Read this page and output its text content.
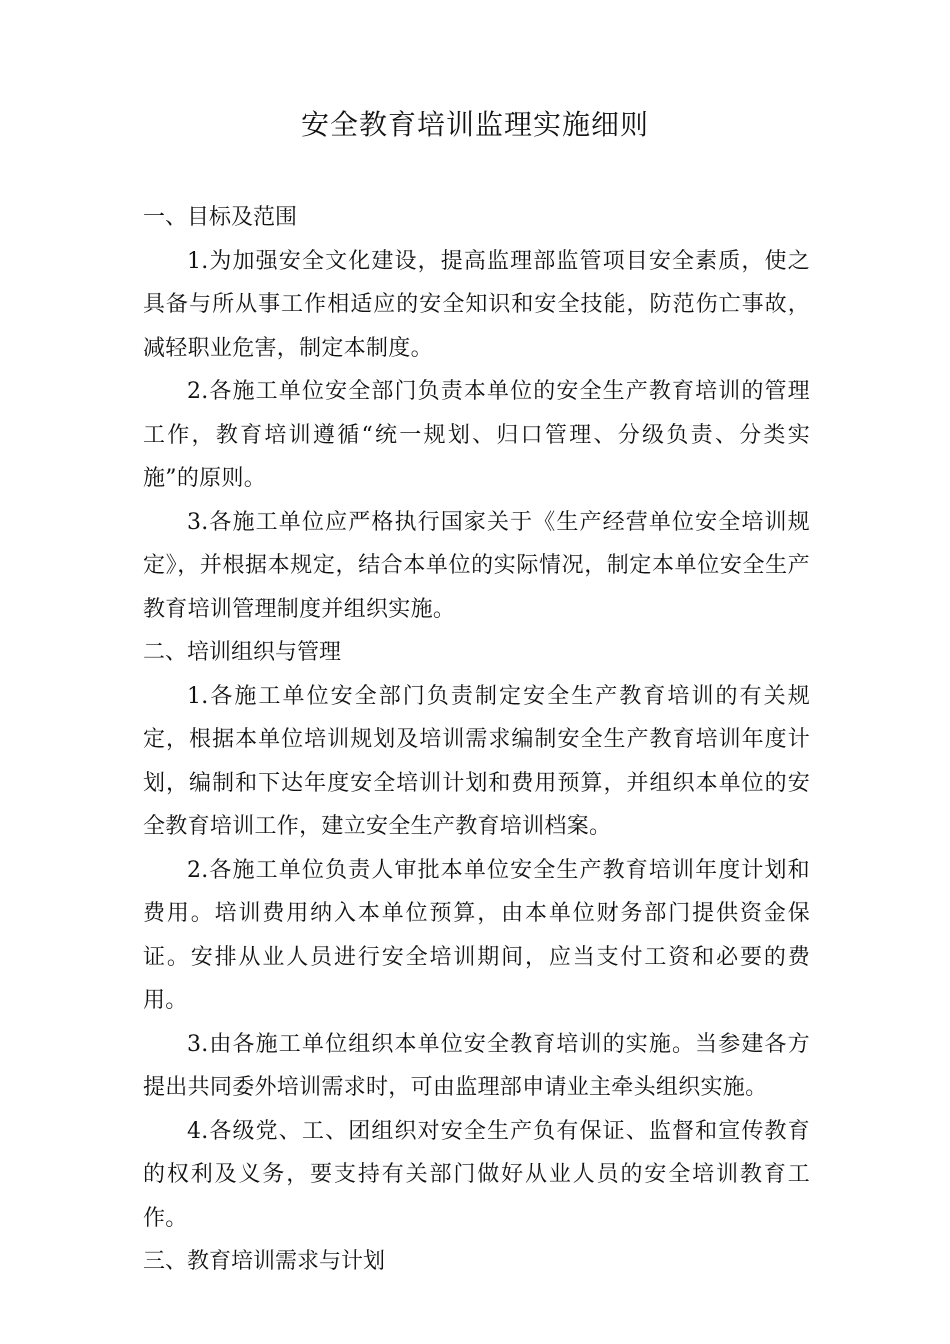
安全教育培训监理实施细则
一、目标及范围

1.为加强安全文化建设，提高监理部监管项目安全素质，使之具备与所从事工作相适应的安全知识和安全技能，防范伤亡事故，减轻职业危害，制定本制度。

2.各施工单位安全部门负责本单位的安全生产教育培训的管理工作，教育培训遵循“统一规划、归口管理、分级负责、分类实施”的原则。

3.各施工单位应严格执行国家关于《生产经营单位安全培训规定》，并根据本规定，结合本单位的实际情况，制定本单位安全生产教育培训管理制度并组织实施。

二、培训组织与管理

1.各施工单位安全部门负责制定安全生产教育培训的有关规定，根据本单位培训规划及培训需求编制安全生产教育培训年度计划，编制和下达年度安全培训计划和费用预算，并组织本单位的安全教育培训工作，建立安全生产教育培训档案。

2.各施工单位负责人审批本单位安全生产教育培训年度计划和费用。培训费用纳入本单位预算，由本单位财务部门提供资金保证。安排从业人员进行安全培训期间，应当支付工资和必要的费用。

3.由各施工单位组织本单位安全教育培训的实施。当参建各方提出共同委外培训需求时，可由监理部申请业主牵头组织实施。

4.各级党、工、团组织对安全生产负有保证、监督和宣传教育的权利及义务，要支持有关部门做好从业人员的安全培训教育工作。

三、教育培训需求与计划
